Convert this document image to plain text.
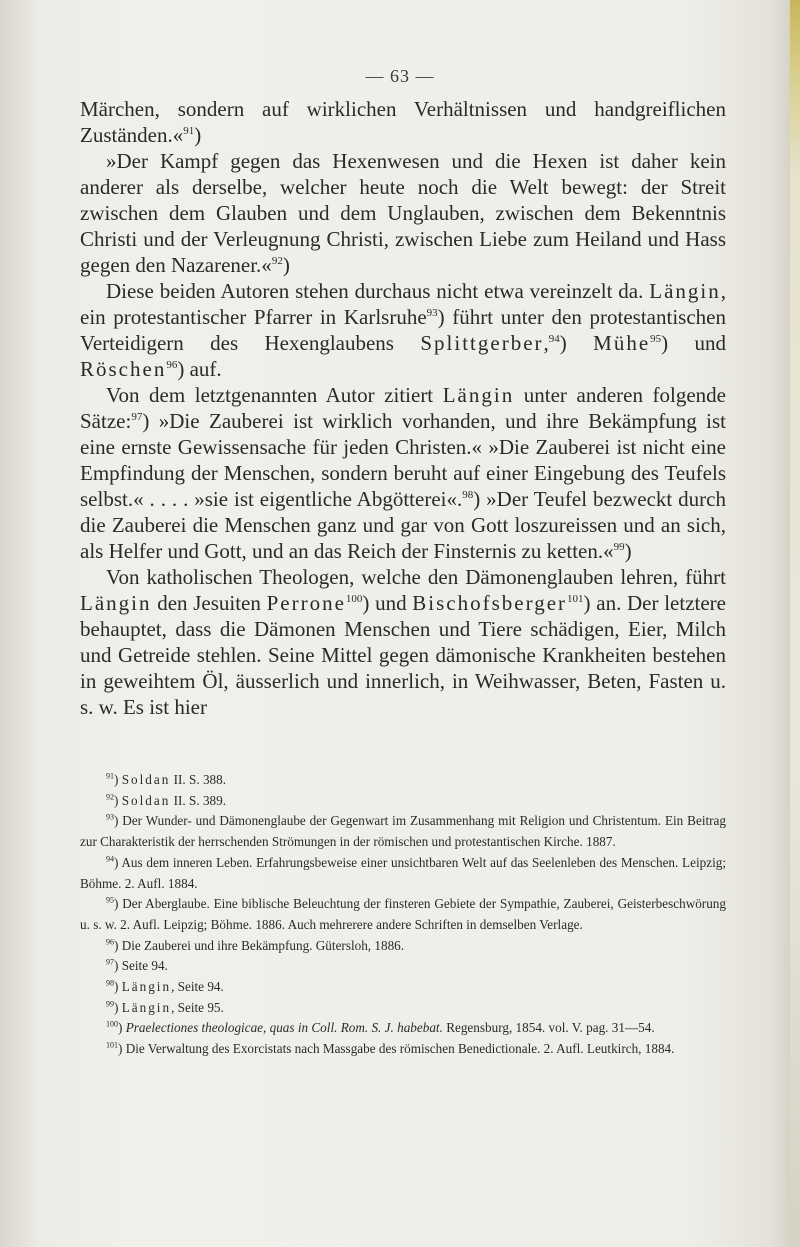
— 63 —

Märchen, sondern auf wirklichen Verhältnissen und handgreiflichen Zuständen.«$^{91}$)

»Der Kampf gegen das Hexenwesen und die Hexen ist daher kein anderer als derselbe, welcher heute noch die Welt bewegt: der Streit zwischen dem Glauben und dem Unglauben, zwischen dem Bekenntnis Christi und der Verleugnung Christi, zwischen Liebe zum Heiland und Hass gegen den Nazarener.«$^{92}$)

Diese beiden Autoren stehen durchaus nicht etwa vereinzelt da. Längin, ein protestantischer Pfarrer in Karlsruhe$^{93}$) führt unter den protestantischen Verteidigern des Hexenglaubens Splittgerber,$^{94}$) Mühe$^{95}$) und Röschen$^{96}$) auf.

Von dem letztgenannten Autor zitiert Längin unter anderen folgende Sätze:$^{97}$) »Die Zauberei ist wirklich vorhanden, und ihre Bekämpfung ist eine ernste Gewissensache für jeden Christen.« »Die Zauberei ist nicht eine Empfindung der Menschen, sondern beruht auf einer Eingebung des Teufels selbst.« . . . . »sie ist eigentliche Abgötterei«.$^{98}$) »Der Teufel bezweckt durch die Zauberei die Menschen ganz und gar von Gott loszureissen und an sich, als Helfer und Gott, und an das Reich der Finsternis zu ketten.«$^{99}$)

Von katholischen Theologen, welche den Dämonenglauben lehren, führt Längin den Jesuiten Perrone$^{100}$) und Bischofsberger$^{101}$) an. Der letztere behauptet, dass die Dämonen Menschen und Tiere schädigen, Eier, Milch und Getreide stehlen. Seine Mittel gegen dämonische Krankheiten bestehen in geweihtem Öl, äusserlich und innerlich, in Weihwasser, Beten, Fasten u. s. w. Es ist hier

$^{91}$) Soldan II. S. 388.

$^{92}$) Soldan II. S. 389.

$^{93}$) Der Wunder- und Dämonenglaube der Gegenwart im Zusammenhang mit Religion und Christentum. Ein Beitrag zur Charakteristik der herrschenden Strömungen in der römischen und protestantischen Kirche. 1887.

$^{94}$) Aus dem inneren Leben. Erfahrungsbeweise einer unsichtbaren Welt auf das Seelenleben des Menschen. Leipzig; Böhme. 2. Aufl. 1884.

$^{95}$) Der Aberglaube. Eine biblische Beleuchtung der finsteren Gebiete der Sympathie, Zauberei, Geisterbeschwörung u. s. w. 2. Aufl. Leipzig; Böhme. 1886. Auch mehrerere andere Schriften in demselben Verlage.

$^{96}$) Die Zauberei und ihre Bekämpfung. Gütersloh, 1886.

$^{97}$) Seite 94.

$^{98}$) Längin, Seite 94.

$^{99}$) Längin, Seite 95.

$^{100}$) Praelectiones theologicae, quas in Coll. Rom. S. J. habebat. Regensburg, 1854. vol. V. pag. 31—54.

$^{101}$) Die Verwaltung des Exorcistats nach Massgabe des römischen Benedictionale. 2. Aufl. Leutkirch, 1884.
